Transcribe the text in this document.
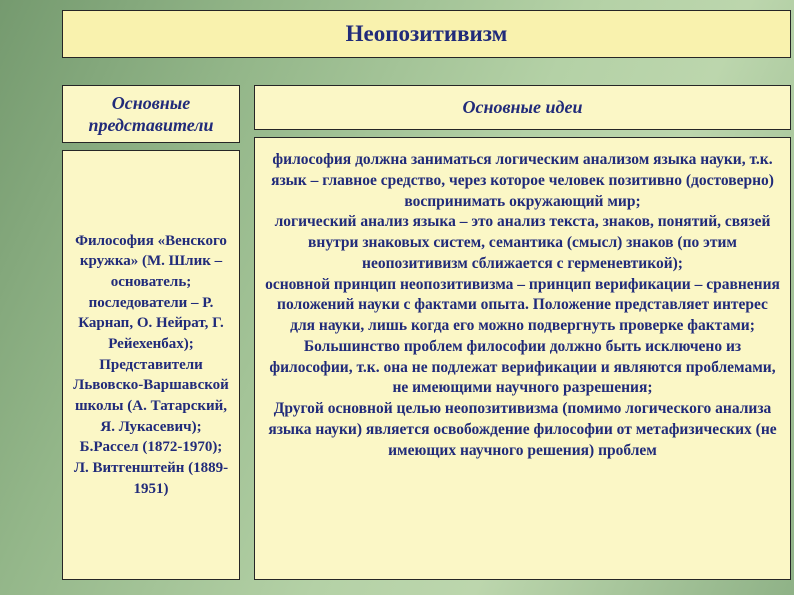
Неопозитивизм
Основные представители

Философия «Венского кружка» (М. Шлик – основатель; последователи – Р. Карнап, О. Нейрат, Г. Рейехенбах);

Представители Львовско-Варшавской школы (А. Татарский, Я. Лукасевич);

Б.Рассел (1872-1970);

Л. Витгенштейн (1889-1951)

Основные идеи

философия должна заниматься логическим анализом языка науки, т.к. язык – главное средство, через которое человек позитивно (достоверно) воспринимать окружающий мир;

логический анализ языка – это анализ текста, знаков, понятий, связей внутри знаковых систем, семантика (смысл) знаков (по этим неопозитивизм сближается с герменевтикой);

основной принцип неопозитивизма – принцип верификации – сравнения положений науки с фактами опыта. Положение представляет интерес для науки, лишь когда его можно подвергнуть проверке фактами;

Большинство проблем философии должно быть исключено из философии, т.к. она не подлежат верификации и являются проблемами, не имеющими научного разрешения;

Другой основной целью неопозитивизма (помимо логического анализа языка науки) является освобождение философии от метафизических (не имеющих научного решения) проблем
